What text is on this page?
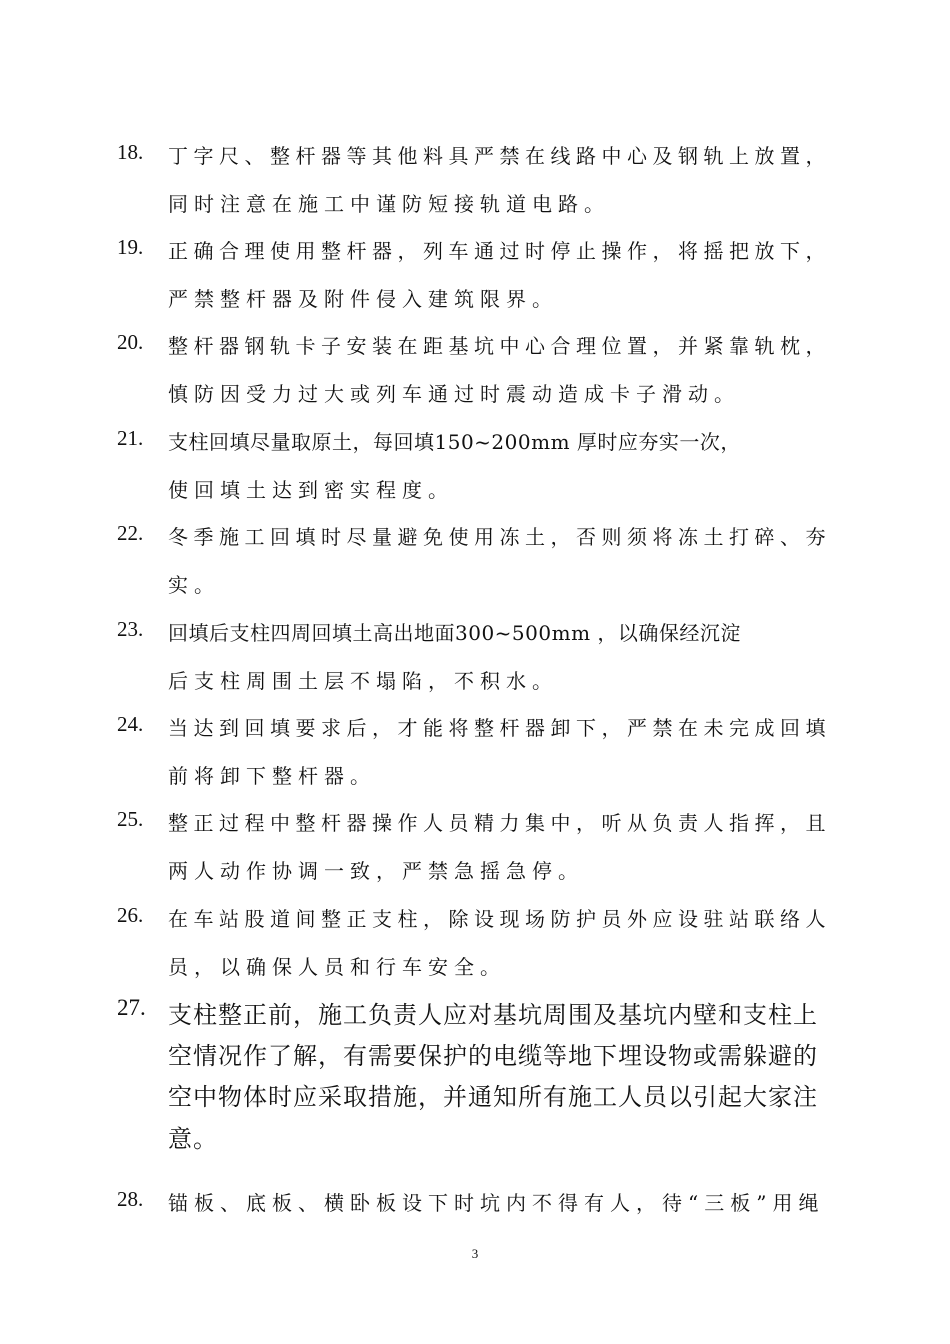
18.	丁字尺、整杆器等其他料具严禁在线路中心及钢轨上放置，
同时注意在施工中谨防短接轨道电路。
19.	正确合理使用整杆器，列车通过时停止操作，将摇把放下，
严禁整杆器及附件侵入建筑限界。
20.	整杆器钢轨卡子安装在距基坑中心合理位置，并紧靠轨枕，
慎防因受力过大或列车通过时震动造成卡子滑动。
21.	支柱回填尽量取原土，每回填150~200mm 厚时应夯实一次，
使回填土达到密实程度。
22.	冬季施工回填时尽量避免使用冻土，否则须将冻土打碎、夯
实。
23.	回填后支柱四周回填土高出地面300~500mm ，以确保经沉淀
后支柱周围土层不塌陷，不积水。
24.	当达到回填要求后，才能将整杆器卸下，严禁在未完成回填
前将卸下整杆器。
25.	整正过程中整杆器操作人员精力集中，听从负责人指挥，且
两人动作协调一致，严禁急摇急停。
26.	在车站股道间整正支柱，除设现场防护员外应设驻站联络人
员，以确保人员和行车安全。
27. 支柱整正前，施工负责人应对基坑周围及基坑内壁和支柱上
空情况作了解，有需要保护的电缆等地下埋设物或需躲避的
空中物体时应采取措施，并通知所有施工人员以引起大家注
意。
28.	锚板、底板、横卧板设下时坑内不得有人，待“三板”用绳
3
